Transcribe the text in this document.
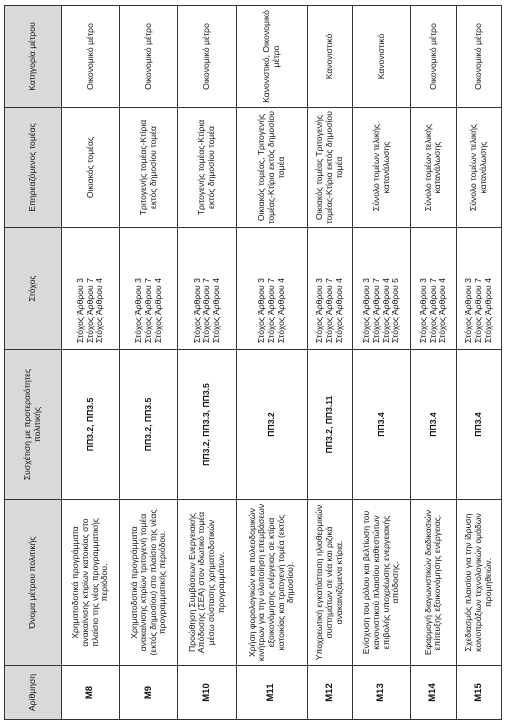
Αρίθμηση	Όνομα μέτρου πολιτικής	Συσχέτιση με προτεραιότητες πολιτικής	Στόχος	Επηρεαζόμενος τομέας	Κατηγορία μέτρου
M8	Χρηματοδοτικά προγράμματα ανακαίνισης κτιρίων κατοικίας στο πλαίσιο της νέας προγραμματικής περιόδου.	ΠΠ3.2, ΠΠ3.5	Στόχος Άρθρου 3
Στόχος Άρθρου 7
Στόχος Άρθρου 4	Οικιακός τομέας	Οικονομικό μέτρο
M9	Χρηματοδοτικά προγράμματα ανακαίνισης κτιρίων τριτογενή τομέα (εκτός δημοσίου) στο πλαίσιο της νέας προγραμματικής περιόδου.	ΠΠ3.2, ΠΠ3.5	Στόχος Άρθρου 3
Στόχος Άρθρου 7
Στόχος Άρθρου 4	Τριτογενής τομέας-Κτίρια εκτός δημοσίου τομέα	Οικονομικό μέτρο
M10	Προώθηση Συμβάσεων Ενεργειακής Απόδοσης (ΣΕΑ) στον ιδιωτικό τομέα μέσω σύστασης χρηματοδοτικών προγραμμάτων.	ΠΠ3.2, ΠΠ3.3, ΠΠ3.5	Στόχος Άρθρου 3
Στόχος Άρθρου 7
Στόχος Άρθρου 4	Τριτογενής τομέας-Κτίρια εκτός δημοσίου τομέα	Οικονομικό μέτρο
M11	Χρήση φορολογικών και πολεοδομικών κινήτρων για την υλοποίηση επεμβάσεων εξοικονόμησης ενέργειας σε κτίρια κατοικίας και τριτογενή τομέα (εκτός δημοσίου).	ΠΠ3.2	Στόχος Άρθρου 3
Στόχος Άρθρου 7
Στόχος Άρθρου 4	Οικιακός τομέας, Τριτογενής τομέας-Κτίρια εκτός δημοσίου τομέα	Κανονιστικό, Οικονομικό μέτρο
M12	Υποχρεωτική εγκατάσταση ηλιοθερμικών συστημάτων σε νέα και ριζικά ανακαινιζόμενα κτίρια.	ΠΠ3.2, ΠΠ3.11	Στόχος Άρθρου 3
Στόχος Άρθρου 7
Στόχος Άρθρου 4	Οικιακός τομέας Τριτογενής τομέας-Κτίρια εκτός δημοσίου τομέα	Κανονιστικό
M13	Ενίσχυση του ρόλου και βελτίωση του κανονιστικού πλαισίου καθεστώτων επιβολής υποχρέωσης ενεργειακής απόδοσης.	ΠΠ3.4	Στόχος Άρθρου 3
Στόχος Άρθρου 7
Στόχος Άρθρου 4
Στόχος Άρθρου 5	Σύνολο τομέων τελικής κατανάλωσης	Κανονιστικό
M14	Εφαρμογή διαγωνιστικών διαδικασιών επίτευξης εξοικονόμησης ενέργειας.	ΠΠ3.4	Στόχος Άρθρου 3
Στόχος Άρθρου 7
Στόχος Άρθρου 4	Σύνολο τομέων τελικής κατανάλωσης	Οικονομικό μέτρο
M15	Σχεδιασμός πλαισίου για την ίδρυση κοινοπράξιων τεχνολογικών ομάδων προμηθειών.	ΠΠ3.4	Στόχος Άρθρου 3
Στόχος Άρθρου 7
Στόχος Άρθρου 4	Σύνολο τομέων τελικής κατανάλωσης	Οικονομικό μέτρο
